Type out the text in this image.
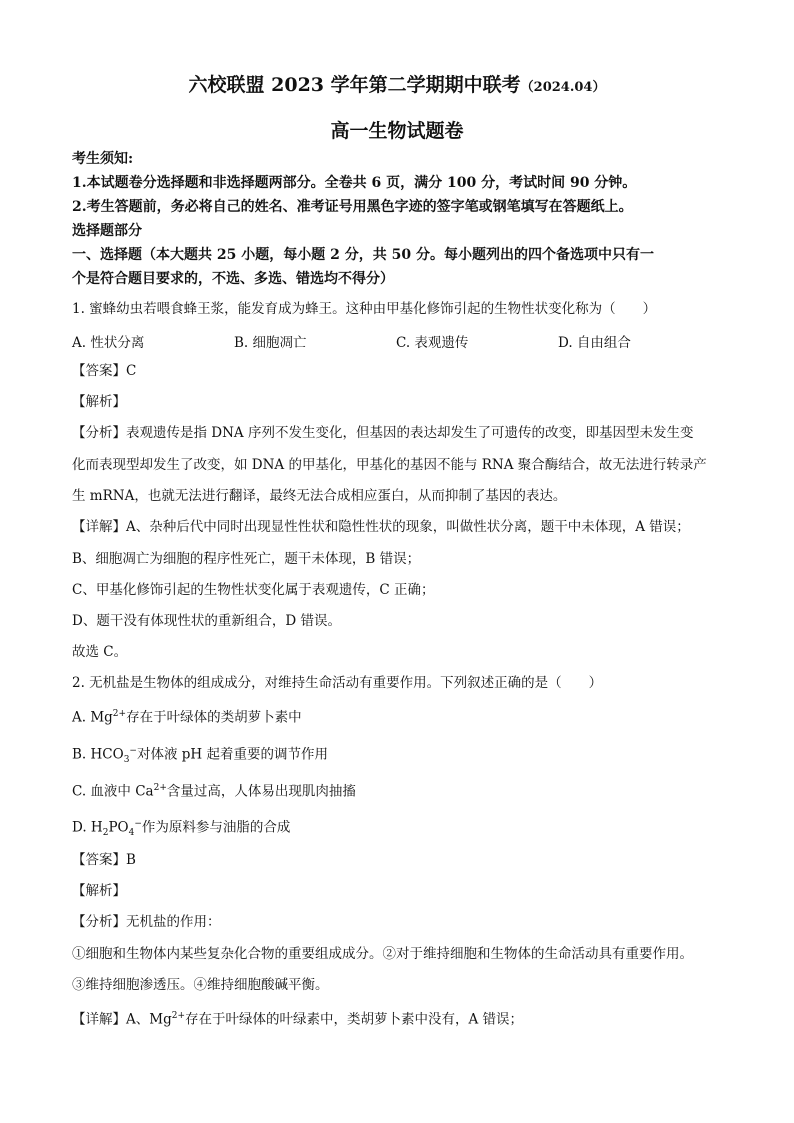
六校联盟 2023 学年第二学期期中联考（2024.04）
高一生物试题卷
考生须知:
1.本试题卷分选择题和非选择题两部分。全卷共 6 页，满分 100 分，考试时间 90 分钟。
2.考生答题前，务必将自己的姓名、准考证号用黑色字迹的签字笔或钢笔填写在答题纸上。
选择题部分
一、选择题（本大题共 25 小题，每小题 2 分，共 50 分。每小题列出的四个备选项中只有一
个是符合题目要求的，不选、多选、错选均不得分）
1. 蜜蜂幼虫若喂食蜂王浆，能发育成为蜂王。这种由甲基化修饰引起的生物性状变化称为（　　）
A. 性状分离	B. 细胞凋亡	C. 表观遗传	D. 自由组合
【答案】C
【解析】
【分析】表观遗传是指 DNA 序列不发生变化，但基因的表达却发生了可遗传的改变，即基因型未发生变
化而表现型却发生了改变，如 DNA 的甲基化，甲基化的基因不能与 RNA 聚合酶结合，故无法进行转录产
生 mRNA，也就无法进行翻译，最终无法合成相应蛋白，从而抑制了基因的表达。
【详解】A、杂种后代中同时出现显性性状和隐性性状的现象，叫做性状分离，题干中未体现，A 错误；
B、细胞凋亡为细胞的程序性死亡，题干未体现，B 错误；
C、甲基化修饰引起的生物性状变化属于表观遗传，C 正确；
D、题干没有体现性状的重新组合，D 错误。
故选 C。
2. 无机盐是生物体的组成成分，对维持生命活动有重要作用。下列叙述正确的是（　　）
A. $Mg^{2+}$存在于叶绿体的类胡萝卜素中
B. $HCO_3^-$对体液 pH 起着重要的调节作用
C. 血液中 $Ca^{2+}$含量过高，人体易出现肌肉抽搐
D. $H_2PO_4^-$作为原料参与油脂的合成
【答案】B
【解析】
【分析】无机盐的作用：
①细胞和生物体内某些复杂化合物的重要组成成分。②对于维持细胞和生物体的生命活动具有重要作用。
③维持细胞渗透压。④维持细胞酸碱平衡。
【详解】A、$Mg^{2+}$存在于叶绿体的叶绿素中，类胡萝卜素中没有，A 错误；
